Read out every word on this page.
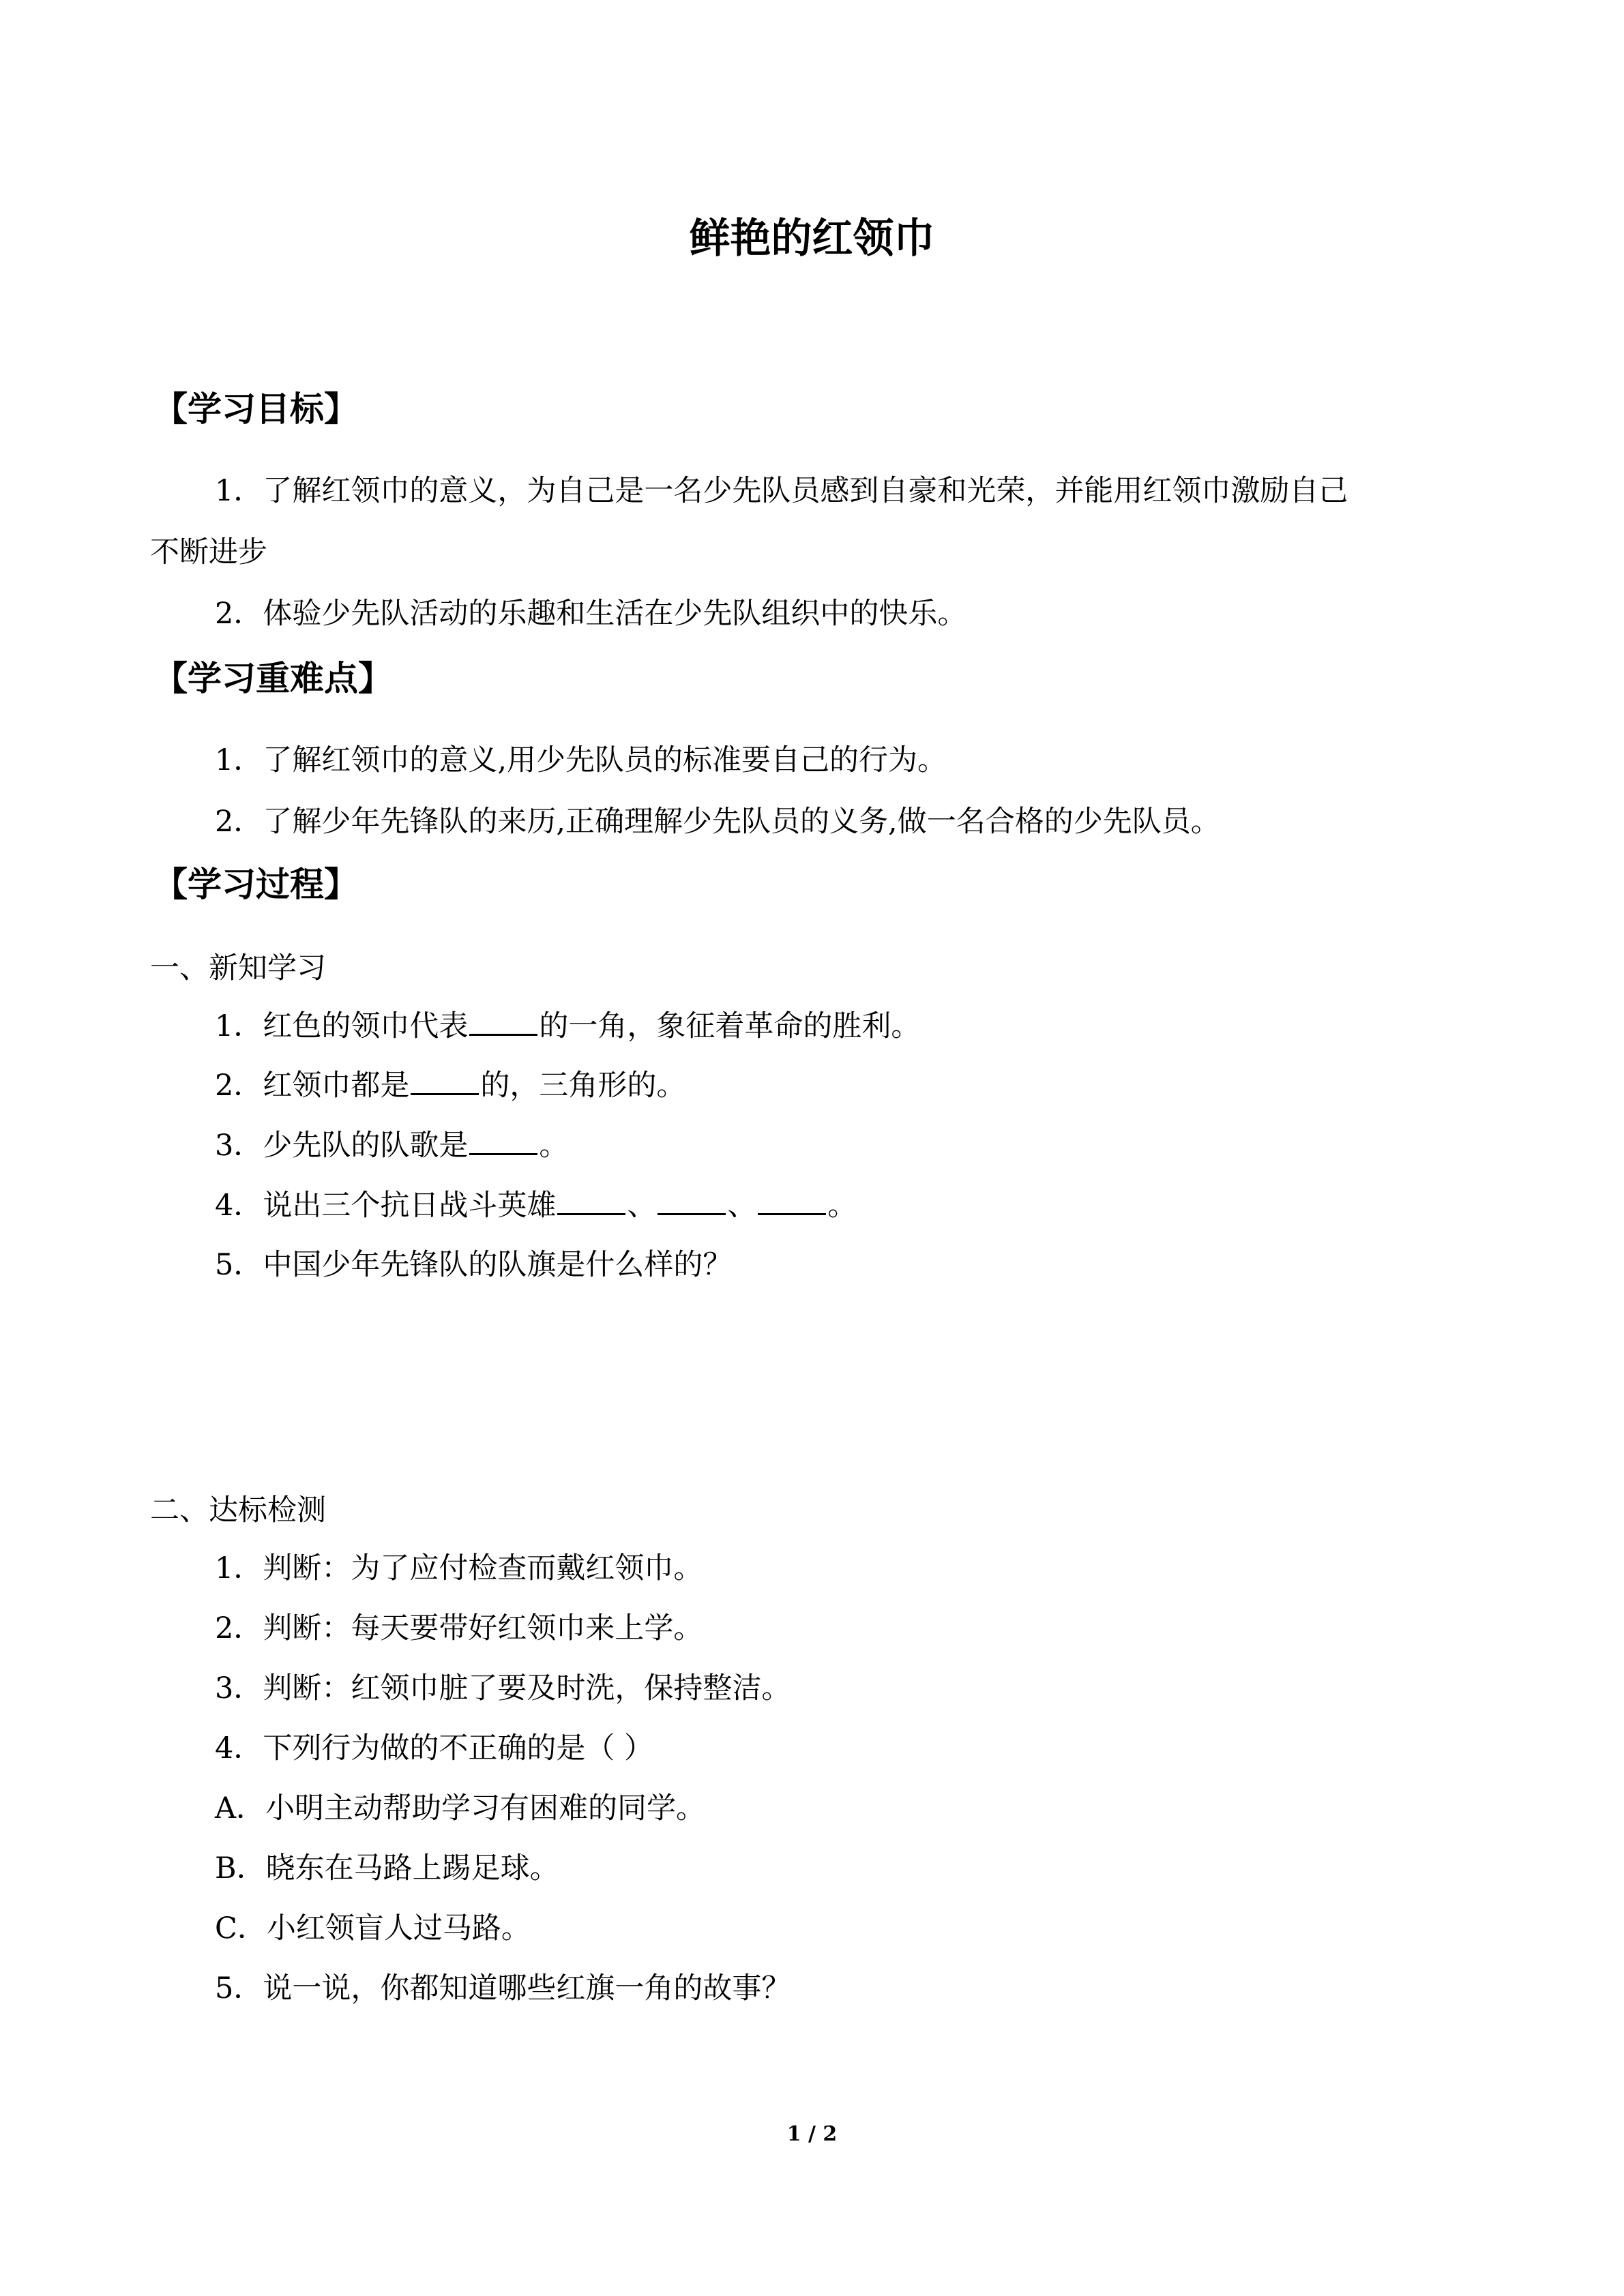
鲜艳的红领巾
【学习目标】
1．了解红领巾的意义，为自己是一名少先队员感到自豪和光荣，并能用红领巾激励自己
不断进步
2．体验少先队活动的乐趣和生活在少先队组织中的快乐。
【学习重难点】
1．了解红领巾的意义,用少先队员的标准要自己的行为。
2．了解少年先锋队的来历,正确理解少先队员的义务,做一名合格的少先队员。
【学习过程】
一、新知学习
1．红色的领巾代表 的一角，象征着革命的胜利。
2．红领巾都是 的，三角形的。
3．少先队的队歌是 。
4．说出三个抗日战斗英雄 、 、 。
5．中国少年先锋队的队旗是什么样的？
二、达标检测
1．判断：为了应付检查而戴红领巾。
2．判断：每天要带好红领巾来上学。
3．判断：红领巾脏了要及时洗，保持整洁。
4．下列行为做的不正确的是（ ）
A．小明主动帮助学习有困难的同学。
B．晓东在马路上踢足球。
C．小红领盲人过马路。
5．说一说，你都知道哪些红旗一角的故事？
1 / 2
